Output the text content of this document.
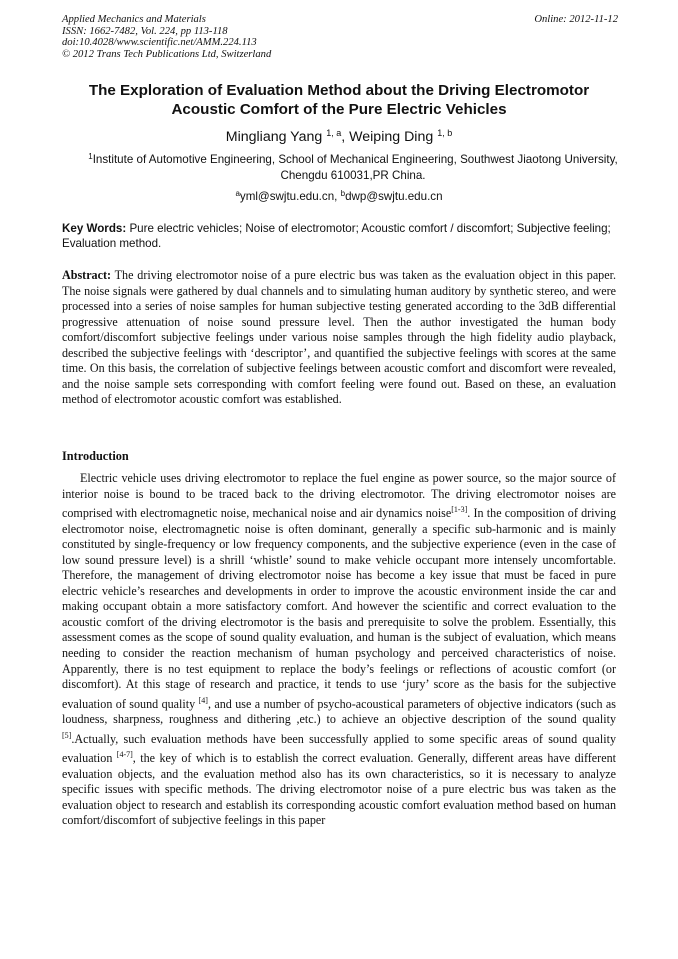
Applied Mechanics and Materials
ISSN: 1662-7482, Vol. 224, pp 113-118
doi:10.4028/www.scientific.net/AMM.224.113
© 2012 Trans Tech Publications Ltd, Switzerland
Online: 2012-11-12
The Exploration of Evaluation Method about the Driving Electromotor Acoustic Comfort of the Pure Electric Vehicles
Mingliang Yang $^{1, a}$, Weiping Ding $^{1, b}$
$^1$Institute of Automotive Engineering, School of Mechanical Engineering, Southwest Jiaotong University, Chengdu 610031,PR China.
$^a$yml@swjtu.edu.cn, $^b$dwp@swjtu.edu.cn
Key Words: Pure electric vehicles; Noise of electromotor; Acoustic comfort / discomfort; Subjective feeling; Evaluation method.
Abstract: The driving electromotor noise of a pure electric bus was taken as the evaluation object in this paper. The noise signals were gathered by dual channels and to simulating human auditory by synthetic stereo, and were processed into a series of noise samples for human subjective testing generated according to the 3dB differential progressive attenuation of noise sound pressure level. Then the author investigated the human body comfort/discomfort subjective feelings under various noise samples through the high fidelity audio playback, described the subjective feelings with ‘descriptor’, and quantified the subjective feelings with scores at the same time. On this basis, the correlation of subjective feelings between acoustic comfort and discomfort were revealed, and the noise sample sets corresponding with comfort feeling were found out. Based on these, an evaluation method of electromotor acoustic comfort was established.
Introduction
Electric vehicle uses driving electromotor to replace the fuel engine as power source, so the major source of interior noise is bound to be traced back to the driving electromotor. The driving electromotor noises are comprised with electromagnetic noise, mechanical noise and air dynamics noise[1-3]. In the composition of driving electromotor noise, electromagnetic noise is often dominant, generally a specific sub-harmonic and is mainly constituted by single-frequency or low frequency components, and the subjective experience (even in the case of low sound pressure level) is a shrill ‘whistle’ sound to make vehicle occupant more intensely uncomfortable. Therefore, the management of driving electromotor noise has become a key issue that must be faced in pure electric vehicle’s researches and developments in order to improve the acoustic environment inside the car and making occupant obtain a more satisfactory comfort. And however the scientific and correct evaluation to the acoustic comfort of the driving electromotor is the basis and prerequisite to solve the problem. Essentially, this assessment comes as the scope of sound quality evaluation, and human is the subject of evaluation, which means needing to consider the reaction mechanism of human psychology and perceived characteristics of noise. Apparently, there is no test equipment to replace the body’s feelings or reflections of acoustic comfort (or discomfort). At this stage of research and practice, it tends to use ‘jury’ score as the basis for the subjective evaluation of sound quality [4], and use a number of psycho-acoustical parameters of objective indicators (such as loudness, sharpness, roughness and dithering ,etc.) to achieve an objective description of the sound quality [5].Actually, such evaluation methods have been successfully applied to some specific areas of sound quality evaluation [4-7], the key of which is to establish the correct evaluation. Generally, different areas have different evaluation objects, and the evaluation method also has its own characteristics, so it is necessary to analyze specific issues with specific methods. The driving electromotor noise of a pure electric bus was taken as the evaluation object to research and establish its corresponding acoustic comfort evaluation method based on human comfort/discomfort of subjective feelings in this paper
